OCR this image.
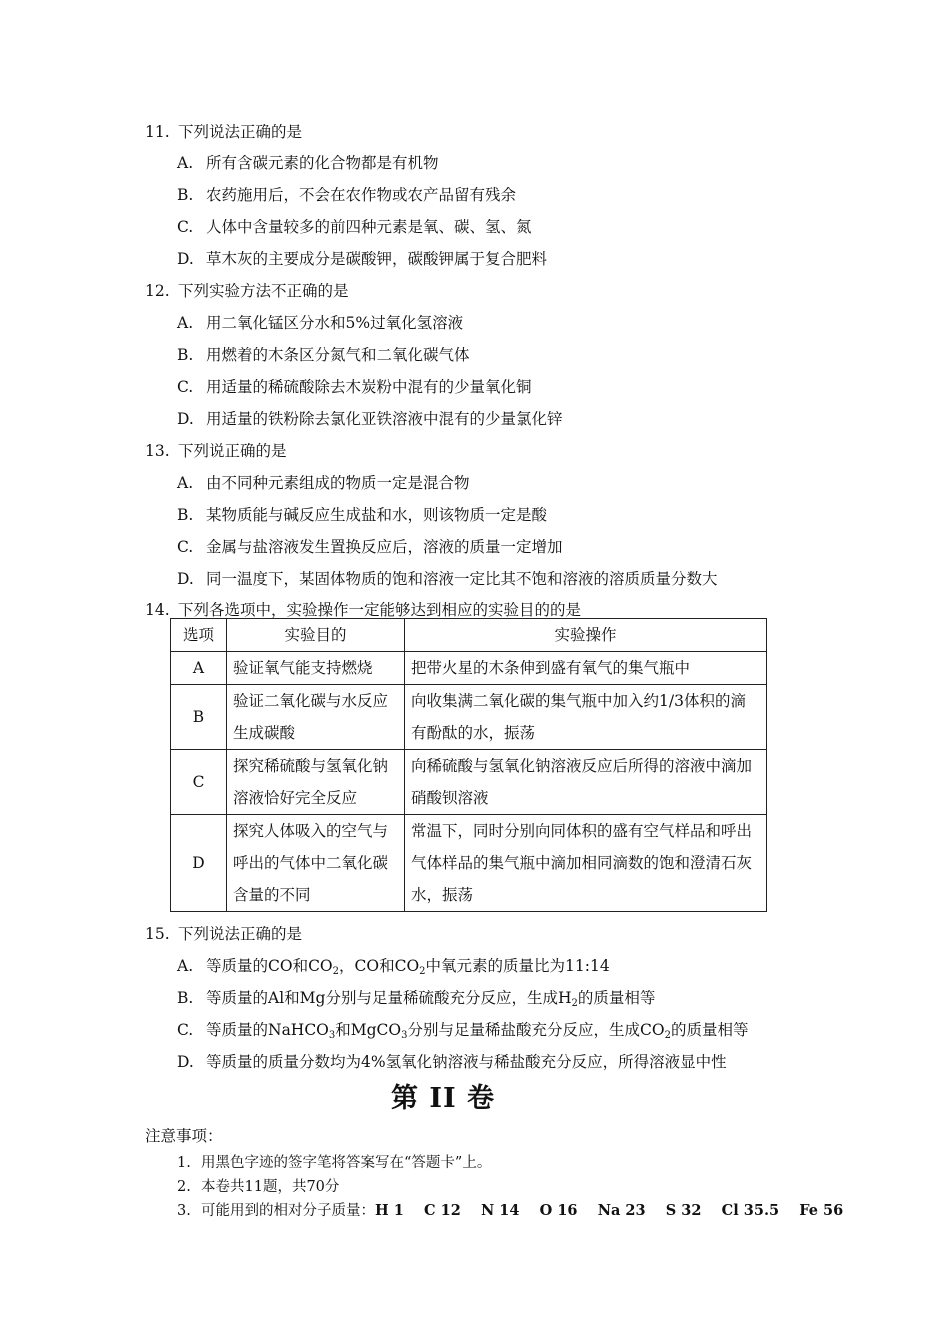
11. 下列说法正确的是
A. 所有含碳元素的化合物都是有机物
B. 农药施用后，不会在农作物或农产品留有残余
C. 人体中含量较多的前四种元素是氧、碳、氢、氮
D. 草木灰的主要成分是碳酸钾，碳酸钾属于复合肥料
12. 下列实验方法不正确的是
A. 用二氧化锰区分水和5%过氧化氢溶液
B. 用燃着的木条区分氮气和二氧化碳气体
C. 用适量的稀硫酸除去木炭粉中混有的少量氧化铜
D. 用适量的铁粉除去氯化亚铁溶液中混有的少量氯化锌
13. 下列说正确的是
A. 由不同种元素组成的物质一定是混合物
B. 某物质能与碱反应生成盐和水，则该物质一定是酸
C. 金属与盐溶液发生置换反应后，溶液的质量一定增加
D. 同一温度下，某固体物质的饱和溶液一定比其不饱和溶液的溶质质量分数大
14. 下列各选项中，实验操作一定能够达到相应的实验目的的是
选项	实验目的	实验操作
A	验证氧气能支持燃烧	把带火星的木条伸到盛有氧气的集气瓶中
B	验证二氧化碳与水反应生成碳酸	向收集满二氧化碳的集气瓶中加入约1/3体积的滴有酚酞的水，振荡
C	探究稀硫酸与氢氧化钠溶液恰好完全反应	向稀硫酸与氢氧化钠溶液反应后所得的溶液中滴加硝酸钡溶液
D	探究人体吸入的空气与呼出的气体中二氧化碳含量的不同	常温下，同时分别向同体积的盛有空气样品和呼出气体样品的集气瓶中滴加相同滴数的饱和澄清石灰水，振荡
15. 下列说法正确的是
A. 等质量的CO和$CO_2$，CO和$CO_2$中氧元素的质量比为11:14
B. 等质量的Al和Mg分别与足量稀硫酸充分反应，生成$H_2$的质量相等
C. 等质量的NaHCO$_3$和MgCO$_3$分别与足量稀盐酸充分反应，生成$CO_2$的质量相等
D. 等质量的质量分数均为4%氢氧化钠溶液与稀盐酸充分反应，所得溶液显中性
第 II 卷
注意事项：
1. 用黑色字迹的签字笔将答案写在“答题卡”上。
2. 本卷共11题，共70分
3. 可能用到的相对分子质量：H 1    C 12    N 14    O 16    Na 23    S 32    Cl 35.5    Fe 56
